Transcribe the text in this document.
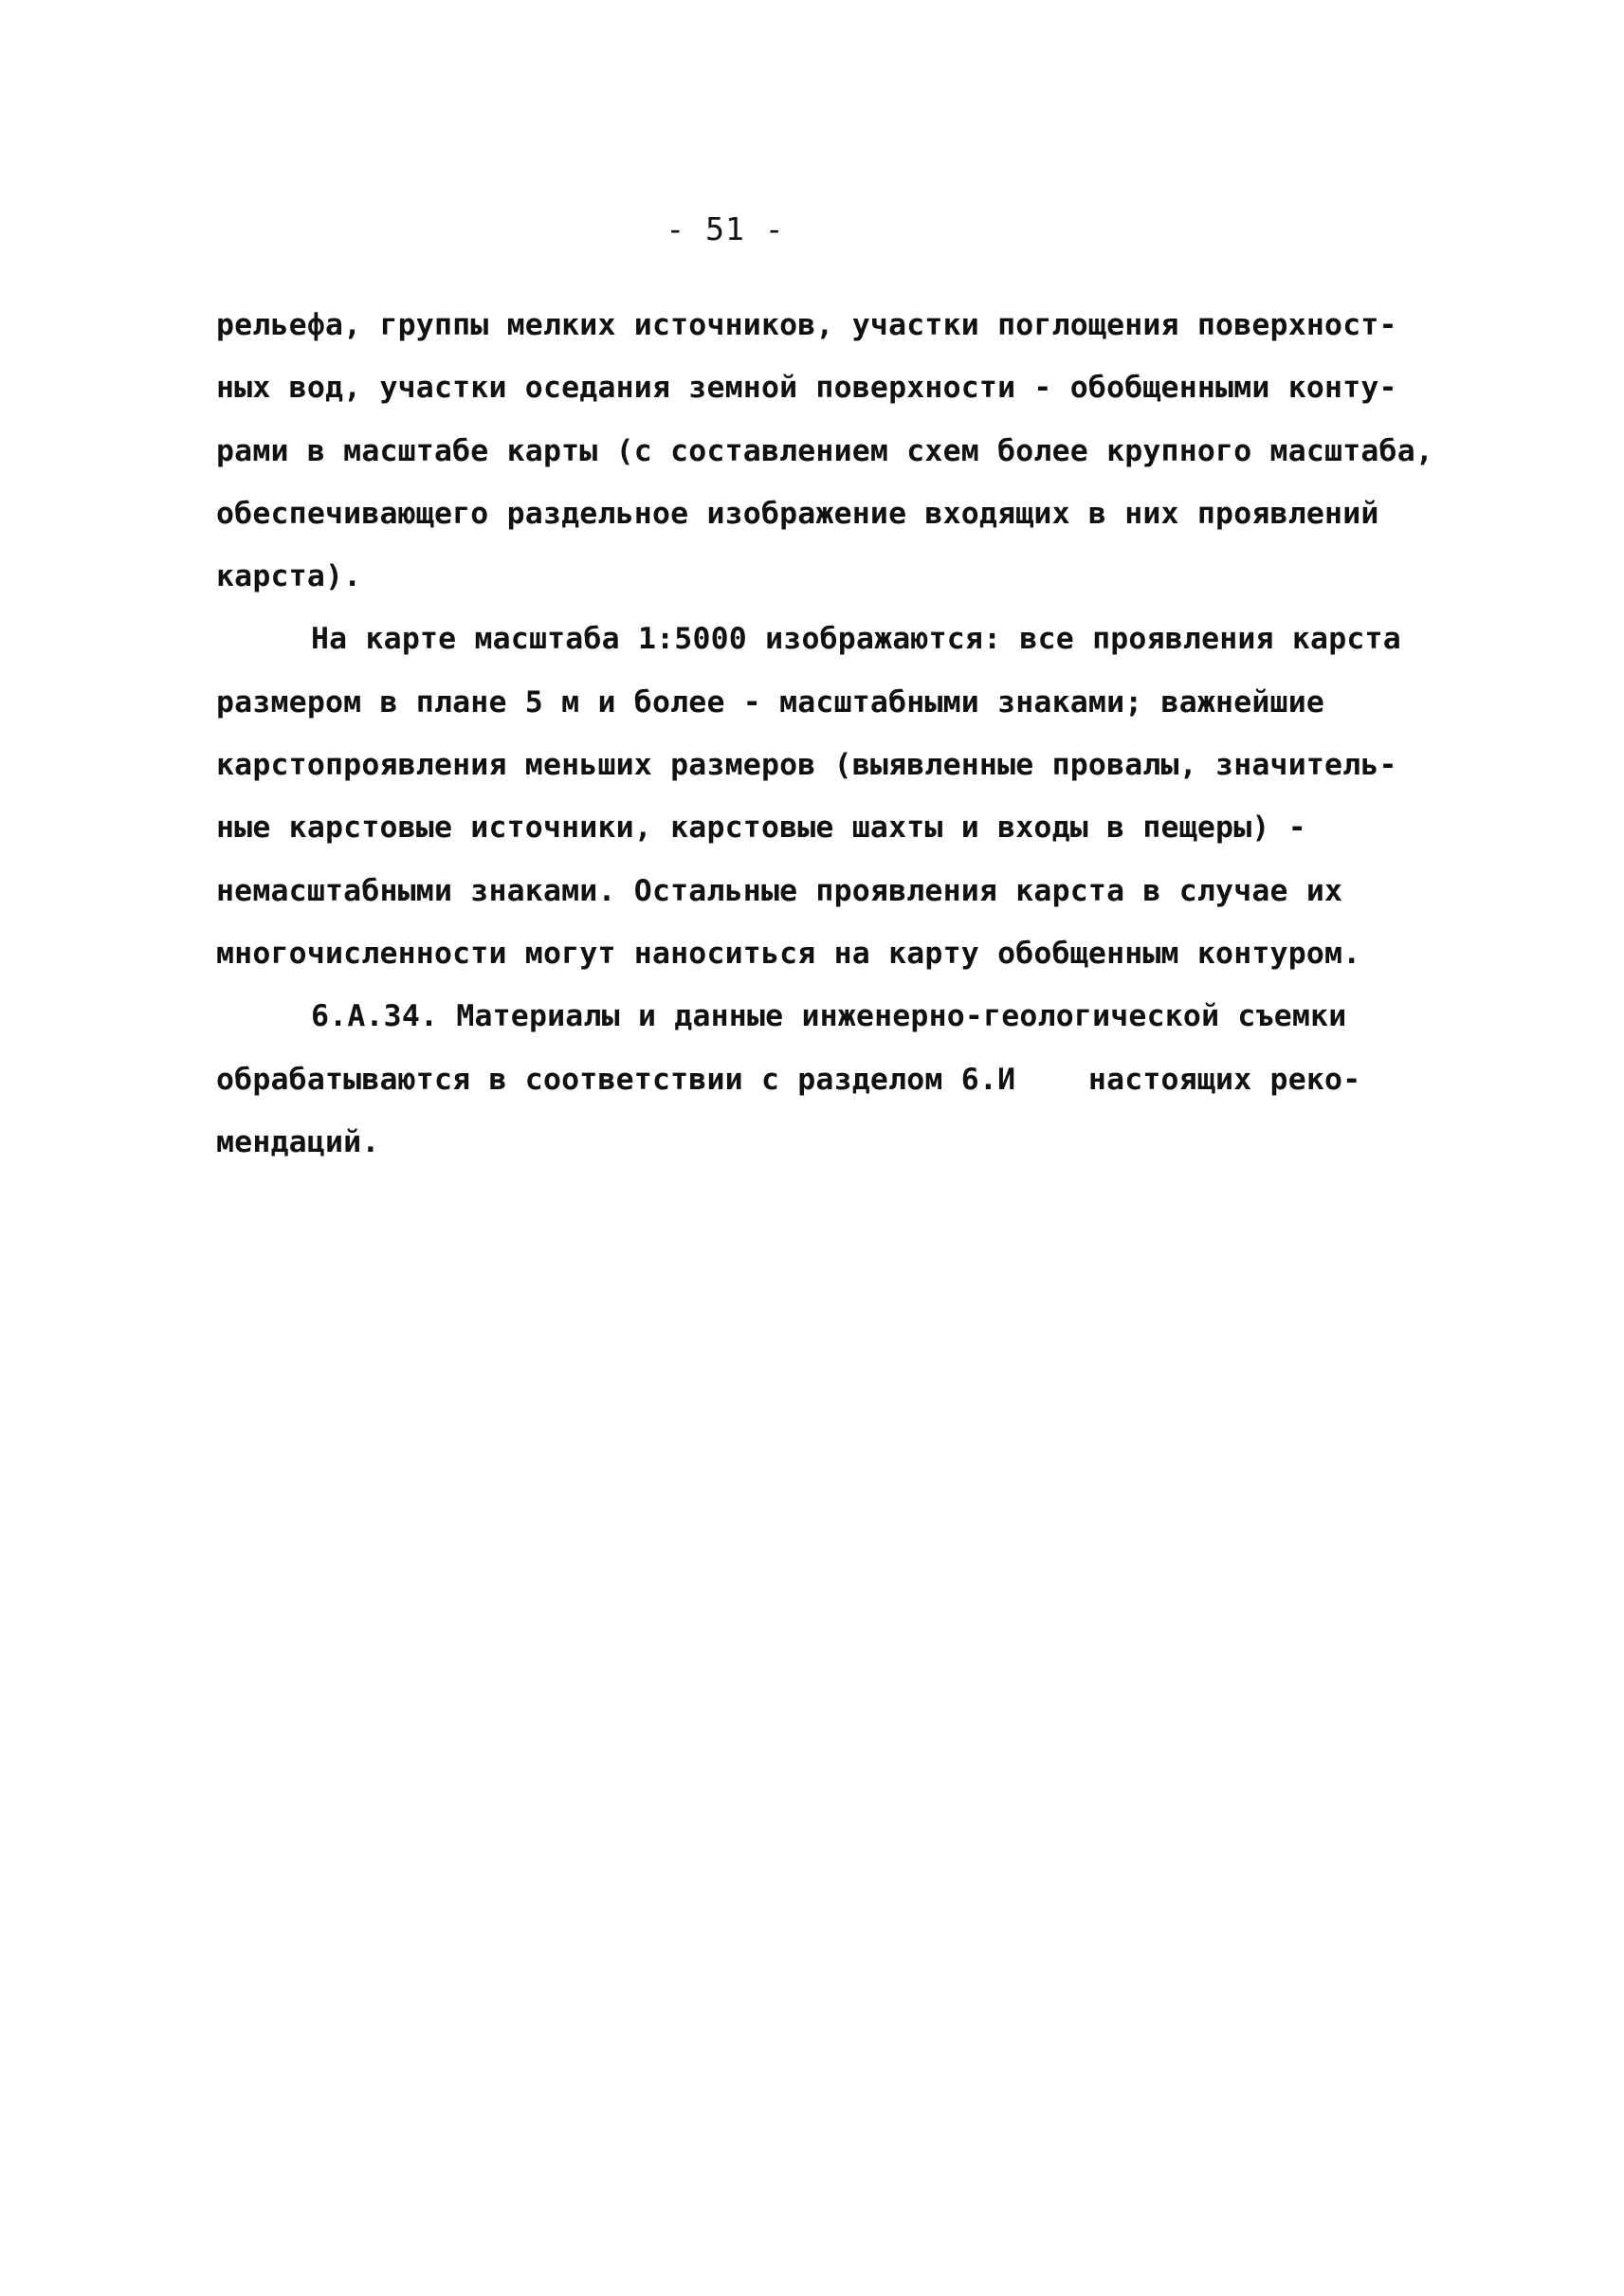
- 51 -
рельефа, группы мелких источников, участки поглощения поверхност-
ных вод, участки оседания земной поверхности - обобщенными конту-
рами в масштабе карты (с составлением схем более крупного масштаба,
обеспечивающего раздельное изображение входящих в них проявлений
карста).
На карте масштаба 1:5000 изображаются: все проявления карста
размером в плане 5 м и более - масштабными знаками; важнейшие
карстопроявления меньших размеров (выявленные провалы, значитель-
ные карстовые источники, карстовые шахты и входы в пещеры) -
немасштабными знаками. Остальные проявления карста в случае их
многочисленности могут наноситься на карту обобщенным контуром.
6.А.34. Материалы и данные инженерно-геологической съемки
обрабатываются в соответствии с разделом 6.И    настоящих реко-
мендаций.
